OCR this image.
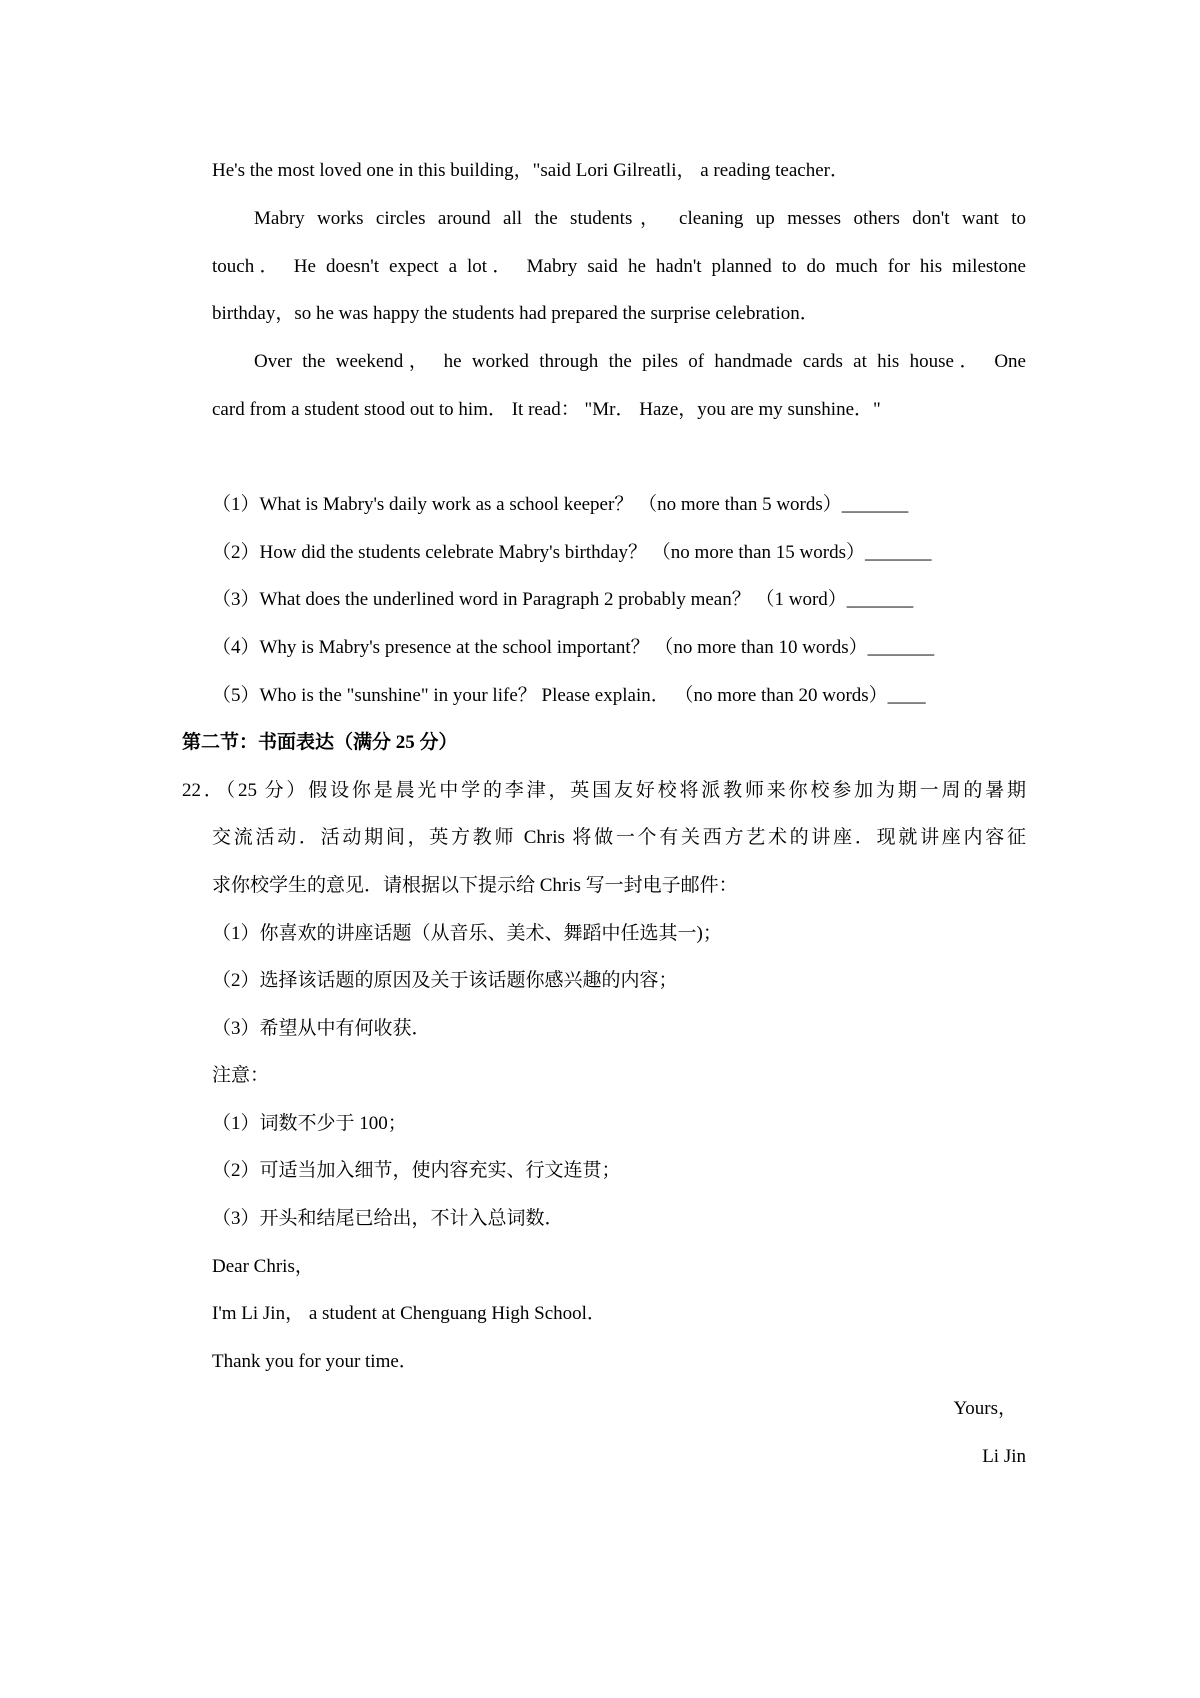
He's the most loved one in this building，"said Lori Gilreatli， a reading teacher．
Mabry works circles around all the students， cleaning up messes others don't want to
touch． He doesn't expect a lot． Mabry said he hadn't planned to do much for his milestone
birthday，so he was happy the students had prepared the surprise celebration．
Over the weekend， he worked through the piles of handmade cards at his house． One
card from a student stood out to him． It read： "Mr． Haze，you are my sunshine．"
（1）What is Mabry's daily work as a school keeper？ （no more than 5 words）_______
（2）How did the students celebrate Mabry's birthday？ （no more than 15 words）_______
（3）What does the underlined word in Paragraph 2 probably mean？ （1 word）_______
（4）Why is Mabry's presence at the school important？ （no more than 10 words）_______
（5）Who is the "sunshine" in your life？ Please explain． （no more than 20 words）____
第二节：书面表达（满分 25 分）
22．（25 分）假设你是晨光中学的李津，英国友好校将派教师来你校参加为期一周的暑期
交流活动．活动期间，英方教师 Chris 将做一个有关西方艺术的讲座．现就讲座内容征
求你校学生的意见．请根据以下提示给 Chris 写一封电子邮件：
（1）你喜欢的讲座话题（从音乐、美术、舞蹈中任选其一)；
（2）选择该话题的原因及关于该话题你感兴趣的内容；
（3）希望从中有何收获．
注意：
（1）词数不少于 100；
（2）可适当加入细节，使内容充实、行文连贯；
（3）开头和结尾已给出，不计入总词数．
Dear Chris，
I'm Li Jin， a student at Chenguang High School．
Thank you for your time．
Yours，
Li Jin
